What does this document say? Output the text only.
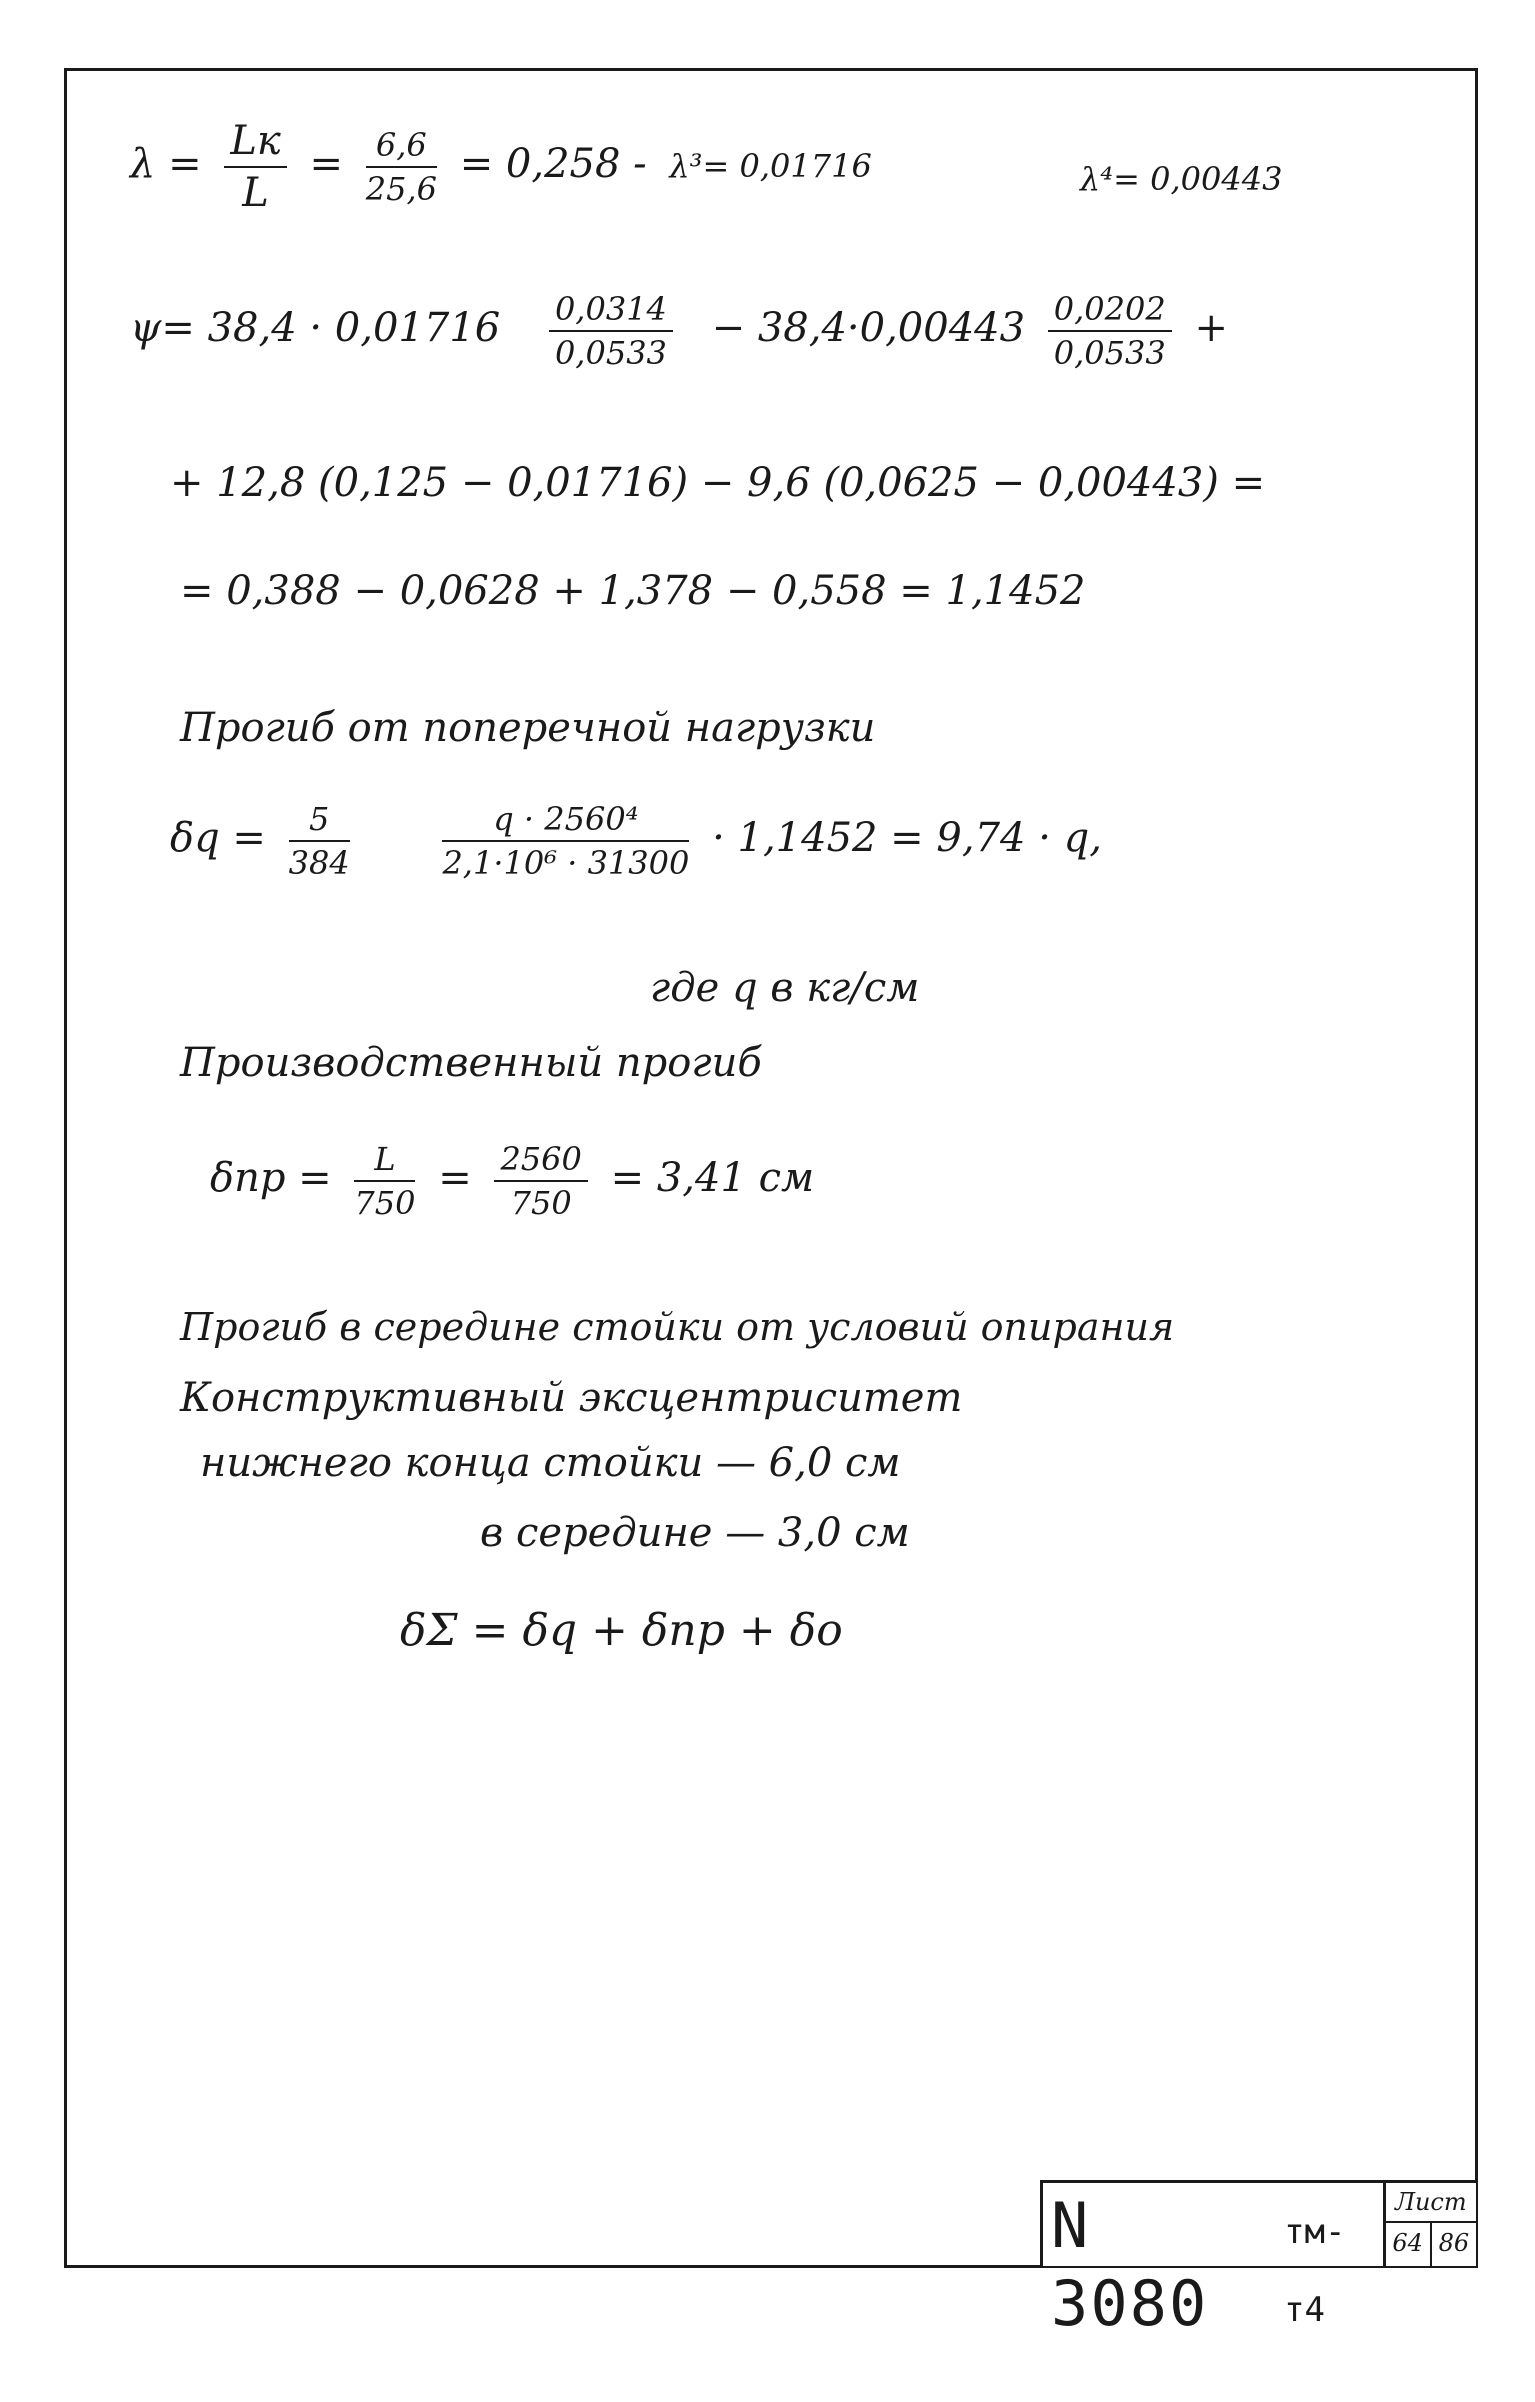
$\lambda = \frac{Lк}{L} = \frac{6,6}{25,6} = 0,258 - \lambda^3= 0,01716$	λ⁴= 0,00443
$\psi= 38,4 \cdot 0,01716 \frac{0,0314}{0,0533} - 38,4\cdot 0,00443 \frac{0,0202}{0,0533}$ +
+ 12,8 (0,125 − 0,01716) − 9,6 (0,0625 − 0,00443) =
= 0,388 − 0,0628 + 1,378 − 0,558 = 1,1452
Прогиб от поперечной нагрузки
$\delta q = \frac{5}{384}$
	$\frac{\text{q · 2560⁴}}{\text{2,1·10⁶ · 31300}} \cdot 1,1452 = 9,74 \cdot q$,
где q в кг/см
Производственный прогиб
$\delta пр = \frac{L}{750} = \frac{2560}{750} = 3,41$ см
Прогиб в середине стойки от условий опирания
Конструктивный эксцентриситет
нижнего конца стойки — 6,0 см
в середине — 3,0 см
δΣ = δq + δпр + δо
N 3080
тм-т4
Лист
64 86
